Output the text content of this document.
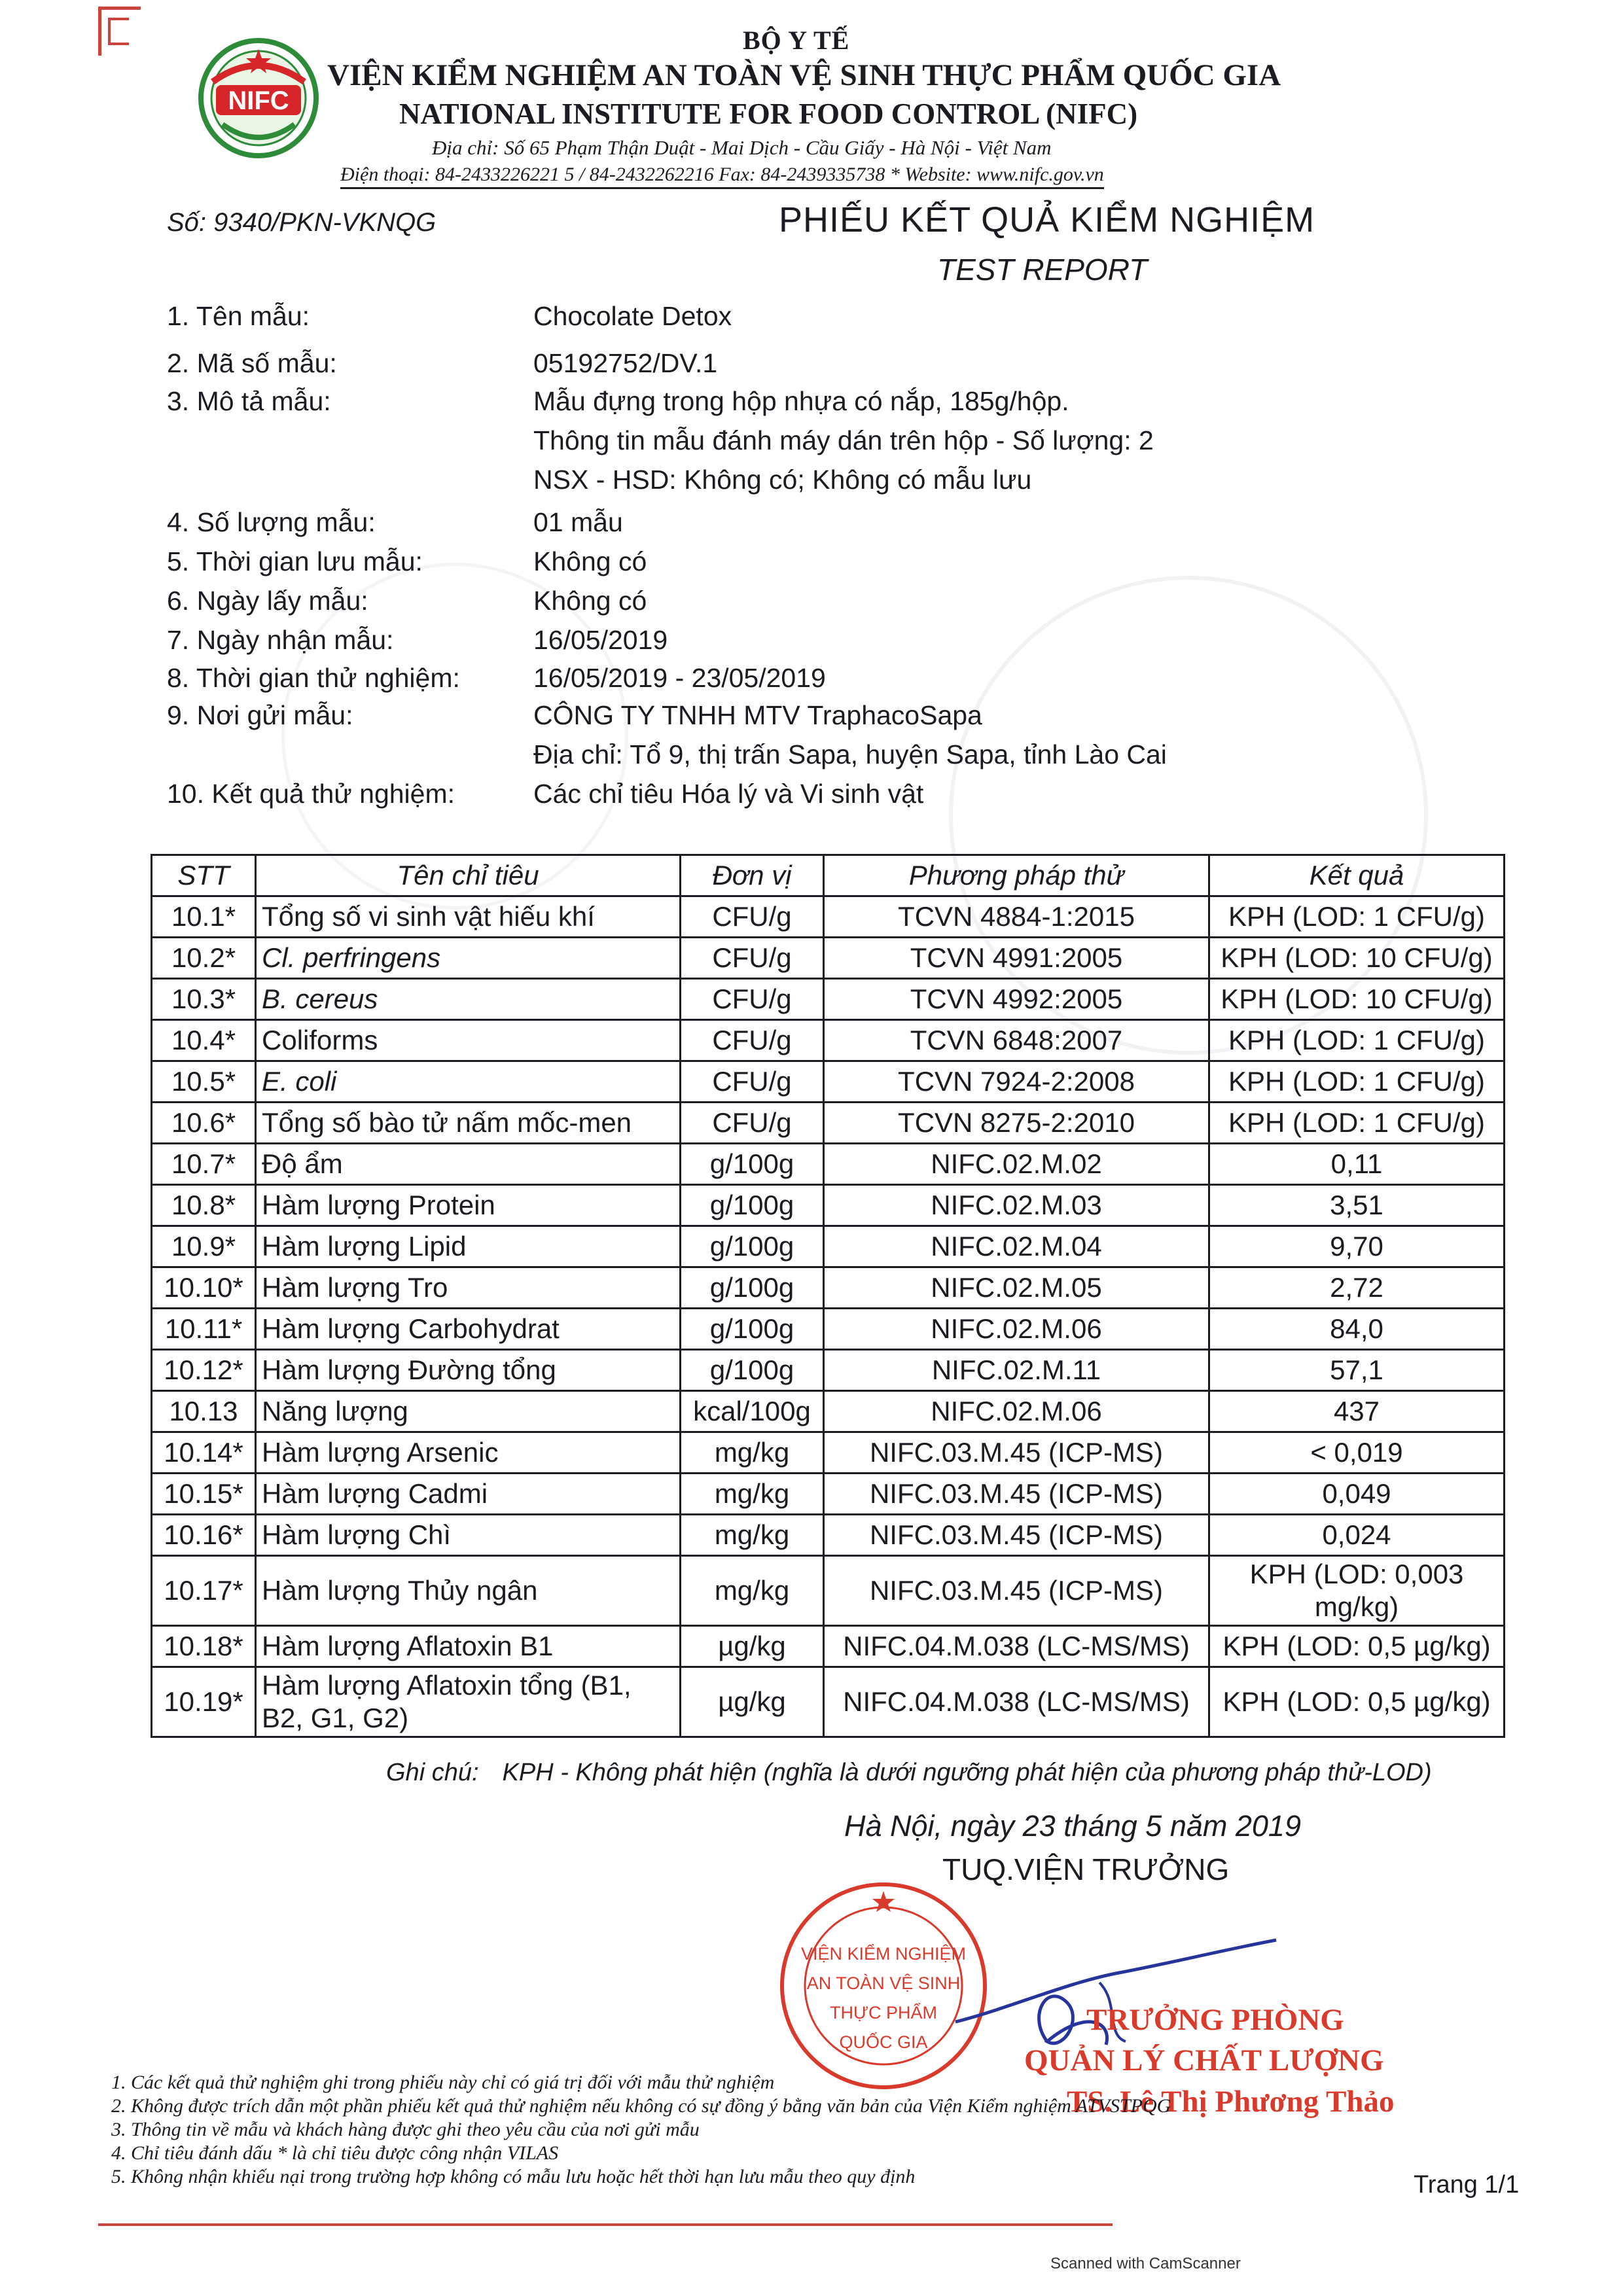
NIFC
BỘ Y TẾ
VIỆN KIỂM NGHIỆM AN TOÀN VỆ SINH THỰC PHẨM QUỐC GIA
NATIONAL INSTITUTE FOR FOOD CONTROL (NIFC)
Địa chỉ: Số 65 Phạm Thận Duật - Mai Dịch - Cầu Giấy - Hà Nội - Việt Nam
Điện thoại: 84-2433226221 5 / 84-2432262216 Fax: 84-2439335738 * Website: www.nifc.gov.vn
Số: 9340/PKN-VKNQG	PHIẾU KẾT QUẢ KIỂM NGHIỆM
TEST REPORT
1. Tên mẫu:	Chocolate Detox
2. Mã số mẫu:	05192752/DV.1
3. Mô tả mẫu:	Mẫu đựng trong hộp nhựa có nắp, 185g/hộp.
Thông tin mẫu đánh máy dán trên hộp - Số lượng: 2
NSX - HSD: Không có; Không có mẫu lưu
4. Số lượng mẫu:	01 mẫu
5. Thời gian lưu mẫu:	Không có
6. Ngày lấy mẫu:	Không có
7. Ngày nhận mẫu:	16/05/2019
8. Thời gian thử nghiệm:	16/05/2019 - 23/05/2019
9. Nơi gửi mẫu:	CÔNG TY TNHH MTV TraphacoSapa
Địa chỉ: Tổ 9, thị trấn Sapa, huyện Sapa, tỉnh Lào Cai
10. Kết quả thử nghiệm:	Các chỉ tiêu Hóa lý và Vi sinh vật
STT	Tên chỉ tiêu	Đơn vị	Phương pháp thử	Kết quả
10.1*	Tổng số vi sinh vật hiếu khí	CFU/g	TCVN 4884-1:2015	KPH (LOD: 1 CFU/g)
10.2*	Cl. perfringens	CFU/g	TCVN 4991:2005	KPH (LOD: 10 CFU/g)
10.3*	B. cereus	CFU/g	TCVN 4992:2005	KPH (LOD: 10 CFU/g)
10.4*	Coliforms	CFU/g	TCVN 6848:2007	KPH (LOD: 1 CFU/g)
10.5*	E. coli	CFU/g	TCVN 7924-2:2008	KPH (LOD: 1 CFU/g)
10.6*	Tổng số bào tử nấm mốc-men	CFU/g	TCVN 8275-2:2010	KPH (LOD: 1 CFU/g)
10.7*	Độ ẩm	g/100g	NIFC.02.M.02	0,11
10.8*	Hàm lượng Protein	g/100g	NIFC.02.M.03	3,51
10.9*	Hàm lượng Lipid	g/100g	NIFC.02.M.04	9,70
10.10*	Hàm lượng Tro	g/100g	NIFC.02.M.05	2,72
10.11*	Hàm lượng Carbohydrat	g/100g	NIFC.02.M.06	84,0
10.12*	Hàm lượng Đường tổng	g/100g	NIFC.02.M.11	57,1
10.13	Năng lượng	kcal/100g	NIFC.02.M.06	437
10.14*	Hàm lượng Arsenic	mg/kg	NIFC.03.M.45 (ICP-MS)	< 0,019
10.15*	Hàm lượng Cadmi	mg/kg	NIFC.03.M.45 (ICP-MS)	0,049
10.16*	Hàm lượng Chì	mg/kg	NIFC.03.M.45 (ICP-MS)	0,024
10.17*	Hàm lượng Thủy ngân	mg/kg	NIFC.03.M.45 (ICP-MS)	KPH (LOD: 0,003 mg/kg)
10.18*	Hàm lượng Aflatoxin B1	µg/kg	NIFC.04.M.038 (LC-MS/MS)	KPH (LOD: 0,5 µg/kg)
10.19*	Hàm lượng Aflatoxin tổng (B1, B2, G1, G2)	µg/kg	NIFC.04.M.038 (LC-MS/MS)	KPH (LOD: 0,5 µg/kg)
Ghi chú: KPH - Không phát hiện (nghĩa là dưới ngưỡng phát hiện của phương pháp thử-LOD)
Hà Nội, ngày 23 tháng 5 năm 2019
TUQ.VIỆN TRƯỞNG
VIỆN KIỂM NGHIỆM
AN TOÀN VỆ SINH
THỰC PHẨM
QUỐC GIA
TRƯỞNG PHÒNG
QUẢN LÝ CHẤT LƯỢNG
TS. Lê Thị Phương Thảo
1. Các kết quả thử nghiệm ghi trong phiếu này chỉ có giá trị đối với mẫu thử nghiệm
2. Không được trích dẫn một phần phiếu kết quả thử nghiệm nếu không có sự đồng ý bằng văn bản của Viện Kiểm nghiệm ATVSTPQG
3. Thông tin về mẫu và khách hàng được ghi theo yêu cầu của nơi gửi mẫu
4. Chỉ tiêu đánh dấu * là chỉ tiêu được công nhận VILAS
5. Không nhận khiếu nại trong trường hợp không có mẫu lưu hoặc hết thời hạn lưu mẫu theo quy định	Trang 1/1
Scanned with CamScanner
